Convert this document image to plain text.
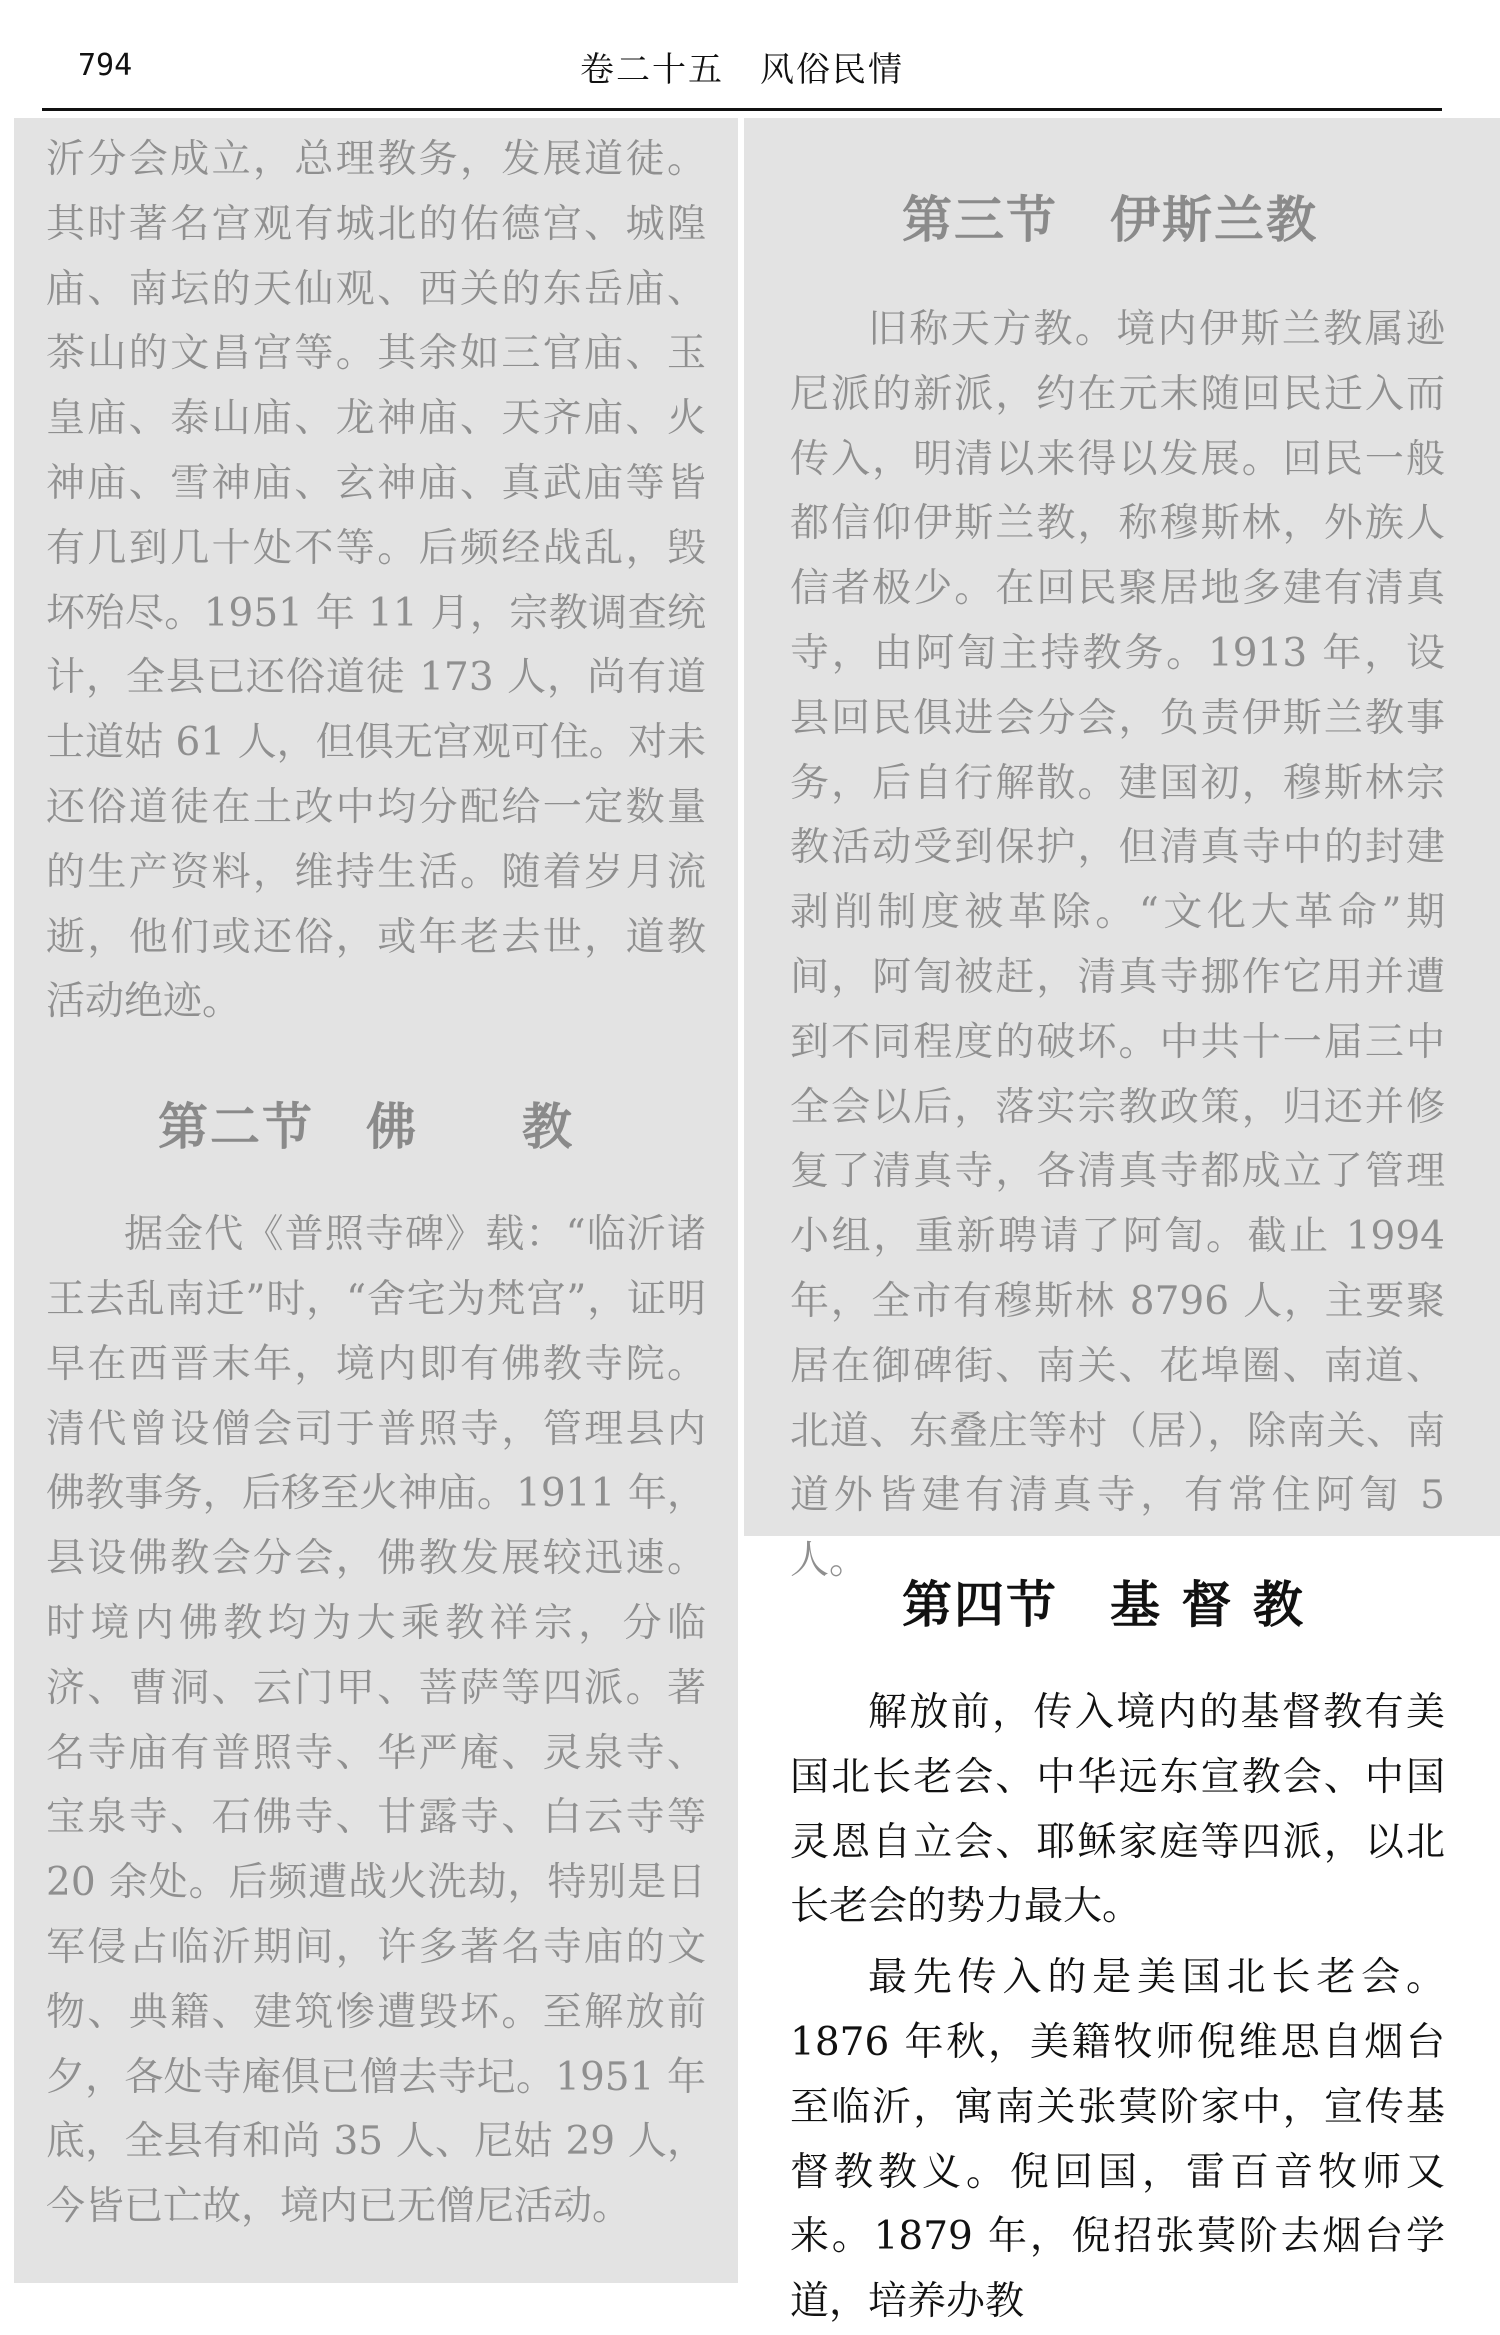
794	卷二十五　风俗民情

沂分会成立，总理教务，发展道徒。其时著名宫观有城北的佑德宫、城隍庙、南坛的天仙观、西关的东岳庙、茶山的文昌宫等。其余如三官庙、玉皇庙、泰山庙、龙神庙、天齐庙、火神庙、雪神庙、玄神庙、真武庙等皆有几到几十处不等。后频经战乱，毁坏殆尽。1951 年 11 月，宗教调查统计，全县已还俗道徒 173 人，尚有道士道姑 61 人，但俱无宫观可住。对未还俗道徒在土改中均分配给一定数量的生产资料，维持生活。随着岁月流逝，他们或还俗，或年老去世，道教活动绝迹。

第二节　佛　　教

据金代《普照寺碑》载：“临沂诸王去乱南迁”时，“舍宅为梵宫”，证明早在西晋末年，境内即有佛教寺院。清代曾设僧会司于普照寺，管理县内佛教事务，后移至火神庙。1911 年，县设佛教会分会，佛教发展较迅速。时境内佛教均为大乘教祥宗，分临济、曹洞、云门甲、菩萨等四派。著名寺庙有普照寺、华严庵、灵泉寺、宝泉寺、石佛寺、甘露寺、白云寺等 20 余处。后频遭战火洗劫，特别是日军侵占临沂期间，许多著名寺庙的文物、典籍、建筑惨遭毁坏。至解放前夕，各处寺庵俱已僧去寺圮。1951 年底，全县有和尚 35 人、尼姑 29 人，今皆已亡故，境内已无僧尼活动。

第三节　伊斯兰教

旧称天方教。境内伊斯兰教属逊尼派的新派，约在元末随回民迁入而传入，明清以来得以发展。回民一般都信仰伊斯兰教，称穆斯林，外族人信者极少。在回民聚居地多建有清真寺，由阿訇主持教务。1913 年，设县回民俱进会分会，负责伊斯兰教事务，后自行解散。建国初，穆斯林宗教活动受到保护，但清真寺中的封建剥削制度被革除。“文化大革命”期间，阿訇被赶，清真寺挪作它用并遭到不同程度的破坏。中共十一届三中全会以后，落实宗教政策，归还并修复了清真寺，各清真寺都成立了管理小组，重新聘请了阿訇。截止 1994 年，全市有穆斯林 8796 人，主要聚居在御碑街、南关、花埠圈、南道、北道、东叠庄等村（居），除南关、南道外皆建有清真寺，有常住阿訇 5 人。

第四节　基 督 教

解放前，传入境内的基督教有美国北长老会、中华远东宣教会、中国灵恩自立会、耶稣家庭等四派，以北长老会的势力最大。

最先传入的是美国北长老会。1876 年秋，美籍牧师倪维思自烟台至临沂，寓南关张蓂阶家中，宣传基督教教义。倪回国，雷百音牧师又来。1879 年，倪招张蓂阶去烟台学道，培养办教
